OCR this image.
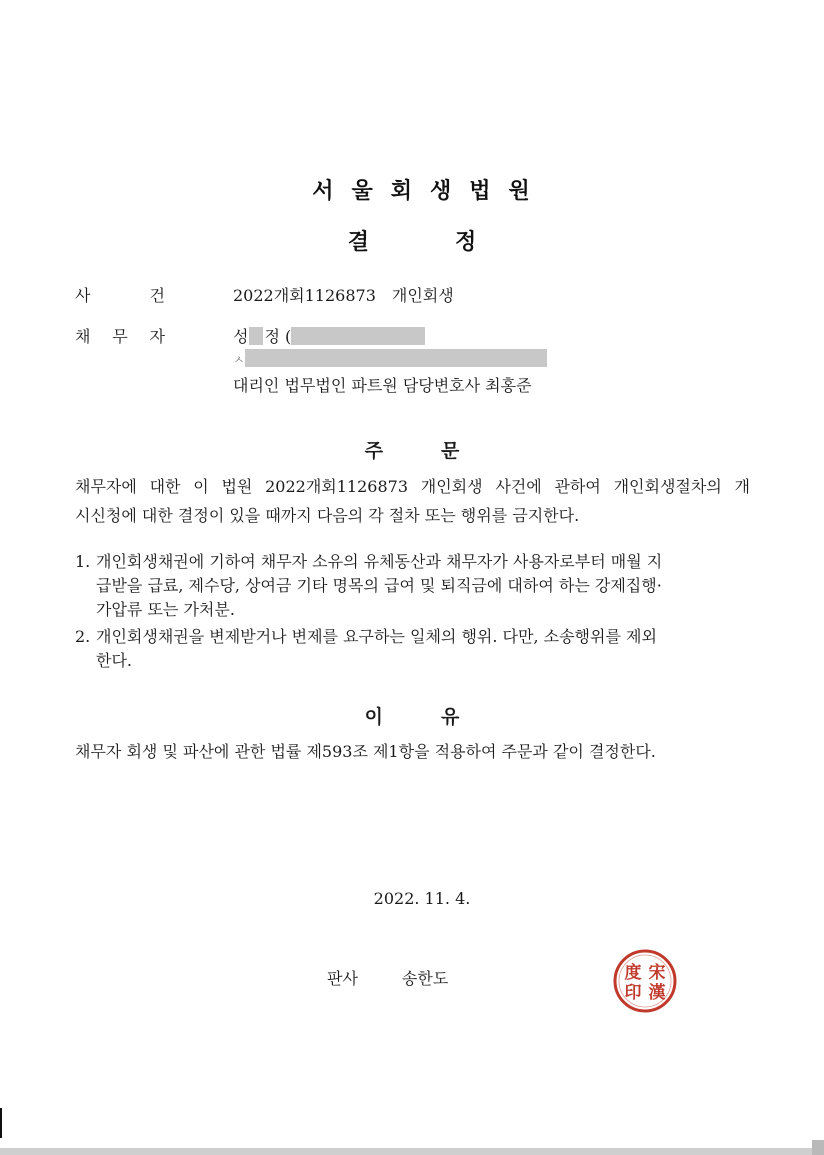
서울회생법원
결	정
사	건	2022개회1126873　개인회생
채 무 자	성 정 (
ㅅ
대리인 법무법인 파트원 담당변호사 최홍준
주	문
채무자에 대한 이 법원 2022개회1126873 개인회생 사건에 관하여 개인회생절차의 개
시신청에 대한 결정이 있을 때까지 다음의 각 절차 또는 행위를 금지한다.
1. 개인회생채권에 기하여 채무자 소유의 유체동산과 채무자가 사용자로부터 매월 지
급받을 급료, 제수당, 상여금 기타 명목의 급여 및 퇴직금에 대하여 하는 강제집행·
가압류 또는 가처분.
2. 개인회생채권을 변제받거나 변제를 요구하는 일체의 행위. 다만, 소송행위를 제외
한다.
이	유
채무자 회생 및 파산에 관한 법률 제593조 제1항을 적용하여 주문과 같이 결정한다.
2022. 11. 4.
판사	송한도	宋
漢
度
印
